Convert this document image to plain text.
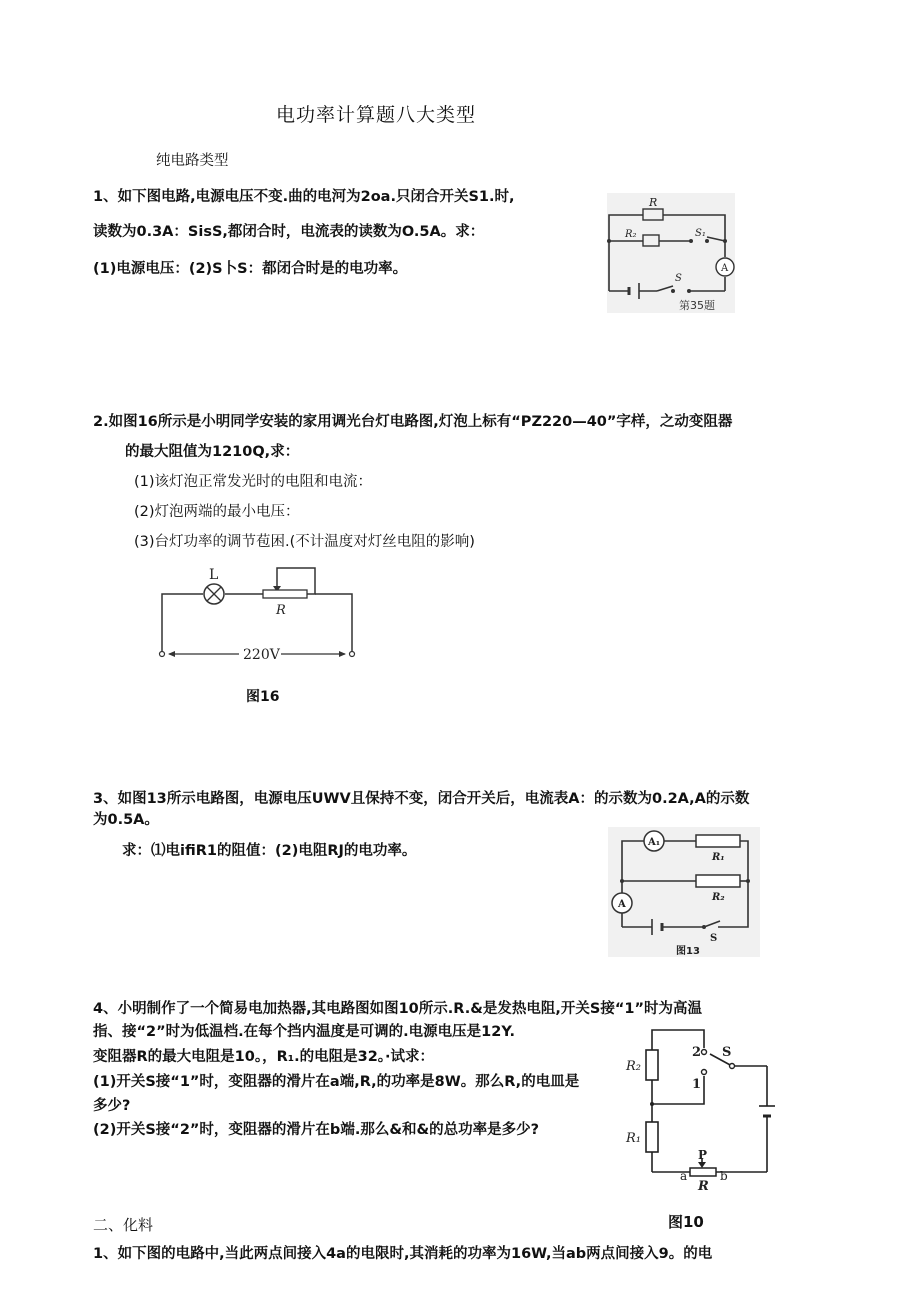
电功率计算题八大类型
纯电路类型
1、如下图电路,电源电压不变.曲的电河为2oa.只闭合开关S1.时,
读数为0.3A：SisS,都闭合时，电流表的读数为O.5A。求：
(1)电源电压：(2)S卜S：都闭合时是的电功率。
R
R₂	S₁
S
A
第35题
2.如图16所示是小明同学安装的家用调光台灯电路图,灯泡上标有“PZ220—40”字样，之动变阻器
的最大阻值为1210Q,求：
(1)该灯泡正常发光时的电阻和电流：
(2)灯泡两端的最小电压：
(3)台灯功率的调节苞困.(不计温度对灯丝电阻的影响)
L
R
220V
图16
3、如图13所示电路图，电源电压UWV且保持不变，闭合开关后，电流表A：的示数为0.2A,A的示数
为0.5A。
求：⑴电ifiR1的阻值：(2)电阻RJ的电功率。
A₁
A
R₁
R₂
S
图13
4、小明制作了一个简易电加热器,其电路图如图10所示.R.&是发热电阻,开关S接“1”时为高温
指、接“2”时为低温档.在每个挡内温度是可调的.电源电压是12Y.
变阻器R的最大电阻是10。，R₁.的电阻是32。·试求：
(1)开关S接“1”时，变阻器的滑片在a端,R,的功率是8W。那么R,的电皿是
多少?
(2)开关S接“2”时，变阻器的滑片在b端.那么&和&的总功率是多少?
R₂
R₁
2
1
S
P
a	b
R
图10
二、化料
1、如下图的电路中,当此两点间接入4a的电限时,其消耗的功率为16W,当ab两点间接入9。的电
